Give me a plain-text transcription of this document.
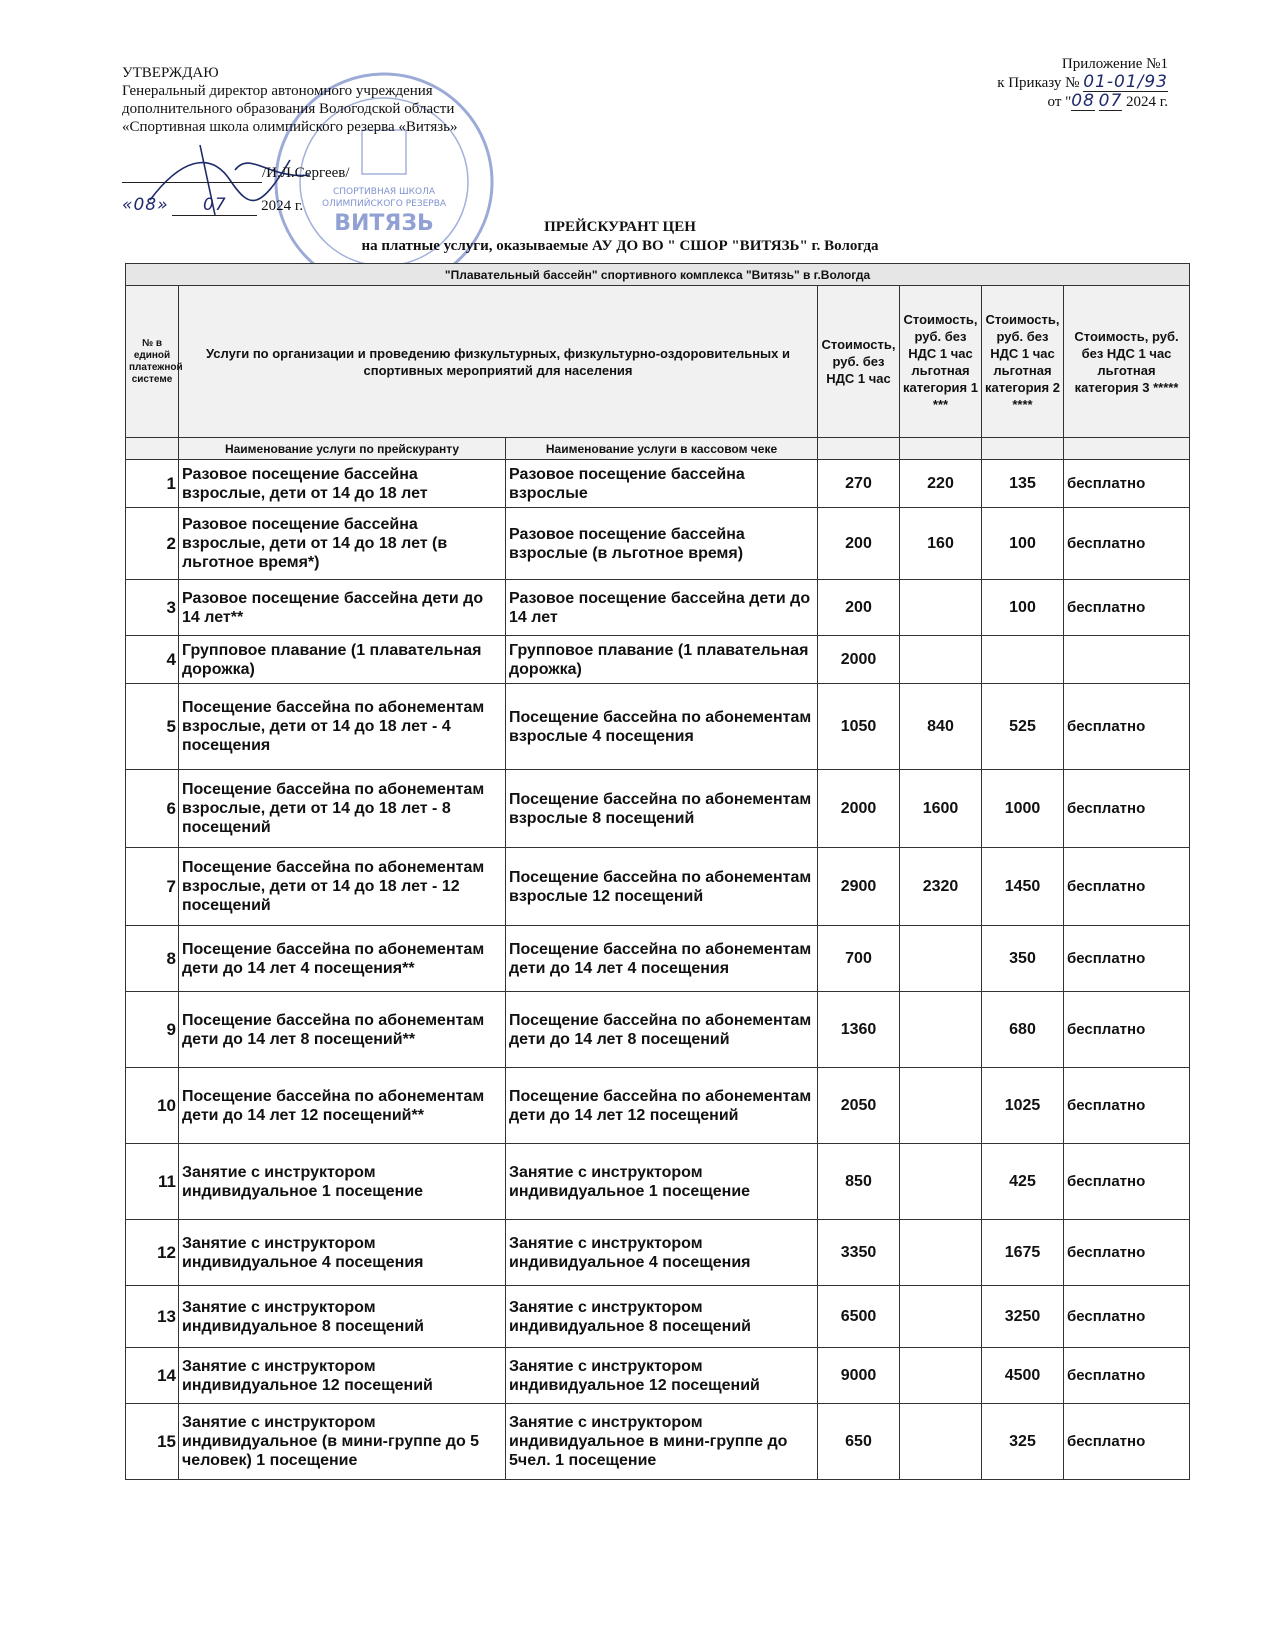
СПОРТИВНАЯ ШКОЛА
ОЛИМПИЙСКОГО РЕЗЕРВА
ВИТЯЗЬ
УТВЕРЖДАЮ
Генеральный директор автономного учреждения
дополнительного образования Вологодской области
«Спортивная школа олимпийского резерва «Витязь»
/И.Л.Сергеев/
«08» 07 2024 г.
Приложение №1
к Приказу № 01-01/93
от "08 07 2024 г.
ПРЕЙСКУРАНТ ЦЕН
на платные услуги, оказываемые АУ ДО ВО " СШОР "ВИТЯЗЬ" г. Вологда
"Плавательный бассейн" спортивного комплекса "Витязь" в г.Вологда						
№ в единой платежной системе	Услуги по организации и проведению физкультурных, физкультурно-оздоровительных и спортивных мероприятий для населения		Стоимость, руб. без НДС 1 час	Стоимость, руб. без НДС 1 час льготная категория 1 ***	Стоимость, руб. без НДС 1 час льготная категория 2 ****	Стоимость, руб. без НДС 1 час льготная категория 3 *****
	Наименование услуги по прейскуранту	Наименование услуги в кассовом чеке				
1	Разовое посещение бассейна взрослые, дети от 14 до 18 лет	Разовое посещение бассейна взрослые	270	220	135	бесплатно
2	Разовое посещение бассейна взрослые, дети от 14 до 18 лет (в льготное время*)	Разовое посещение бассейна взрослые (в льготное время)	200	160	100	бесплатно
3	Разовое посещение бассейна дети до 14 лет**	Разовое посещение бассейна дети до 14 лет	200		100	бесплатно
4	Групповое плавание (1 плавательная дорожка)	Групповое плавание (1 плавательная дорожка)	2000			
5	Посещение бассейна по абонементам взрослые, дети от 14 до 18 лет - 4 посещения	Посещение бассейна по абонементам взрослые 4 посещения	1050	840	525	бесплатно
6	Посещение бассейна по абонементам взрослые, дети от 14 до 18 лет - 8 посещений	Посещение бассейна по абонементам взрослые 8 посещений	2000	1600	1000	бесплатно
7	Посещение бассейна по абонементам взрослые, дети от 14 до 18 лет - 12 посещений	Посещение бассейна по абонементам взрослые 12 посещений	2900	2320	1450	бесплатно
8	Посещение бассейна по абонементам дети до 14 лет 4 посещения**	Посещение бассейна по абонементам дети до 14 лет 4 посещения	700		350	бесплатно
9	Посещение бассейна по абонементам дети до 14 лет 8 посещений**	Посещение бассейна по абонементам дети до 14 лет 8 посещений	1360		680	бесплатно
10	Посещение бассейна по абонементам дети до 14 лет 12 посещений**	Посещение бассейна по абонементам дети до 14 лет 12 посещений	2050		1025	бесплатно
11	Занятие с инструктором индивидуальное 1 посещение	Занятие с инструктором индивидуальное 1 посещение	850		425	бесплатно
12	Занятие с инструктором индивидуальное 4 посещения	Занятие с инструктором индивидуальное 4 посещения	3350		1675	бесплатно
13	Занятие с инструктором индивидуальное 8 посещений	Занятие с инструктором индивидуальное 8 посещений	6500		3250	бесплатно
14	Занятие с инструктором индивидуальное 12 посещений	Занятие с инструктором индивидуальное 12 посещений	9000		4500	бесплатно
15	Занятие с инструктором индивидуальное (в мини-группе до 5 человек) 1 посещение	Занятие с инструктором индивидуальное в мини-группе до 5чел. 1 посещение	650		325	бесплатно
